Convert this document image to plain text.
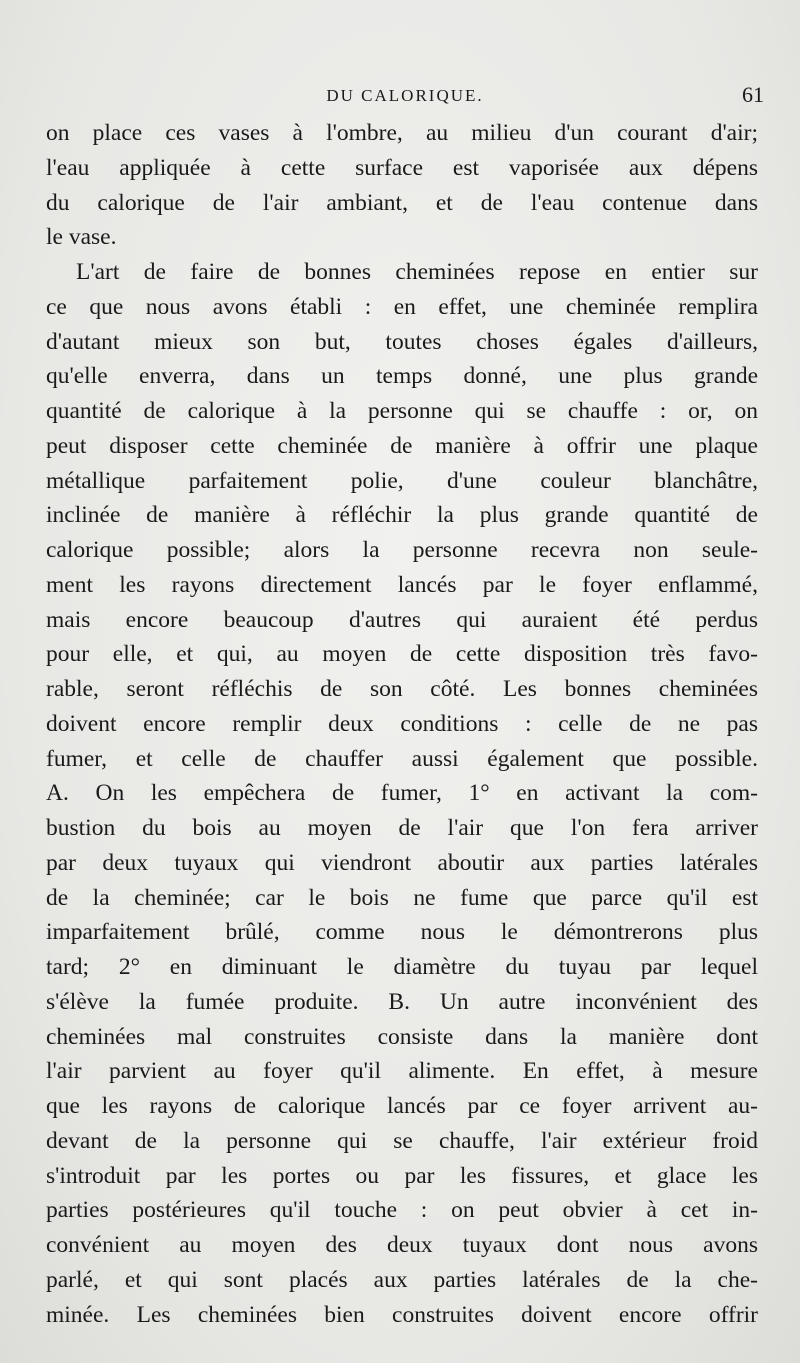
DU CALORIQUE.	61
on place ces vases à l'ombre, au milieu d'un courant d'air;
l'eau appliquée à cette surface est vaporisée aux dépens
du calorique de l'air ambiant, et de l'eau contenue dans
le vase.
L'art de faire de bonnes cheminées repose en entier sur
ce que nous avons établi : en effet, une cheminée remplira
d'autant mieux son but, toutes choses égales d'ailleurs,
qu'elle enverra, dans un temps donné, une plus grande
quantité de calorique à la personne qui se chauffe : or, on
peut disposer cette cheminée de manière à offrir une plaque
métallique parfaitement polie, d'une couleur blanchâtre,
inclinée de manière à réfléchir la plus grande quantité de
calorique possible; alors la personne recevra non seule-
ment les rayons directement lancés par le foyer enflammé,
mais encore beaucoup d'autres qui auraient été perdus
pour elle, et qui, au moyen de cette disposition très favo-
rable, seront réfléchis de son côté. Les bonnes cheminées
doivent encore remplir deux conditions : celle de ne pas
fumer, et celle de chauffer aussi également que possible.
A. On les empêchera de fumer, 1° en activant la com-
bustion du bois au moyen de l'air que l'on fera arriver
par deux tuyaux qui viendront aboutir aux parties latérales
de la cheminée; car le bois ne fume que parce qu'il est
imparfaitement brûlé, comme nous le démontrerons plus
tard; 2° en diminuant le diamètre du tuyau par lequel
s'élève la fumée produite. B. Un autre inconvénient des
cheminées mal construites consiste dans la manière dont
l'air parvient au foyer qu'il alimente. En effet, à mesure
que les rayons de calorique lancés par ce foyer arrivent au-
devant de la personne qui se chauffe, l'air extérieur froid
s'introduit par les portes ou par les fissures, et glace les
parties postérieures qu'il touche : on peut obvier à cet in-
convénient au moyen des deux tuyaux dont nous avons
parlé, et qui sont placés aux parties latérales de la che-
minée. Les cheminées bien construites doivent encore offrir
